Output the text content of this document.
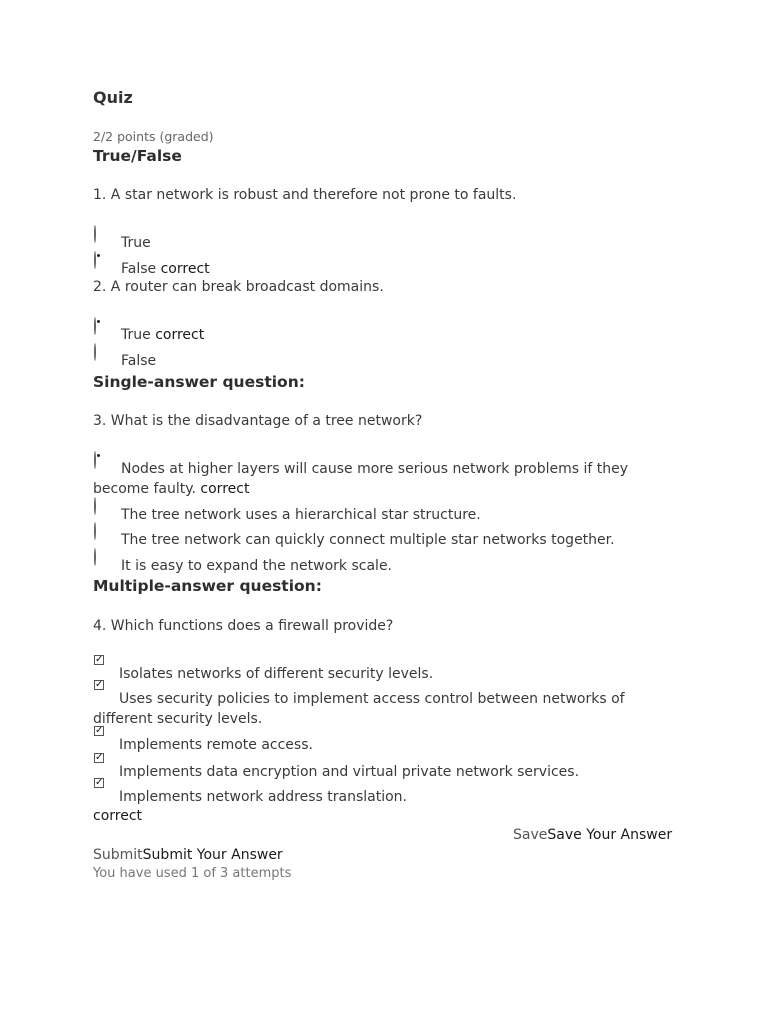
Quiz
2/2 points (graded)
True/False
1. A star network is robust and therefore not prone to faults.
True
False correct
2. A router can break broadcast domains.
True correct
False
Single-answer question:
3. What is the disadvantage of a tree network?
Nodes at higher layers will cause more serious network problems if they become faulty. correct
The tree network uses a hierarchical star structure.
The tree network can quickly connect multiple star networks together.
It is easy to expand the network scale.
Multiple-answer question:
4. Which functions does a firewall provide?
✓
Isolates networks of different security levels.
✓
Uses security policies to implement access control between networks of different security levels.
✓
Implements remote access.
✓
Implements data encryption and virtual private network services.
✓
Implements network address translation.
correct
SaveSave Your Answer
SubmitSubmit Your Answer
You have used 1 of 3 attempts
